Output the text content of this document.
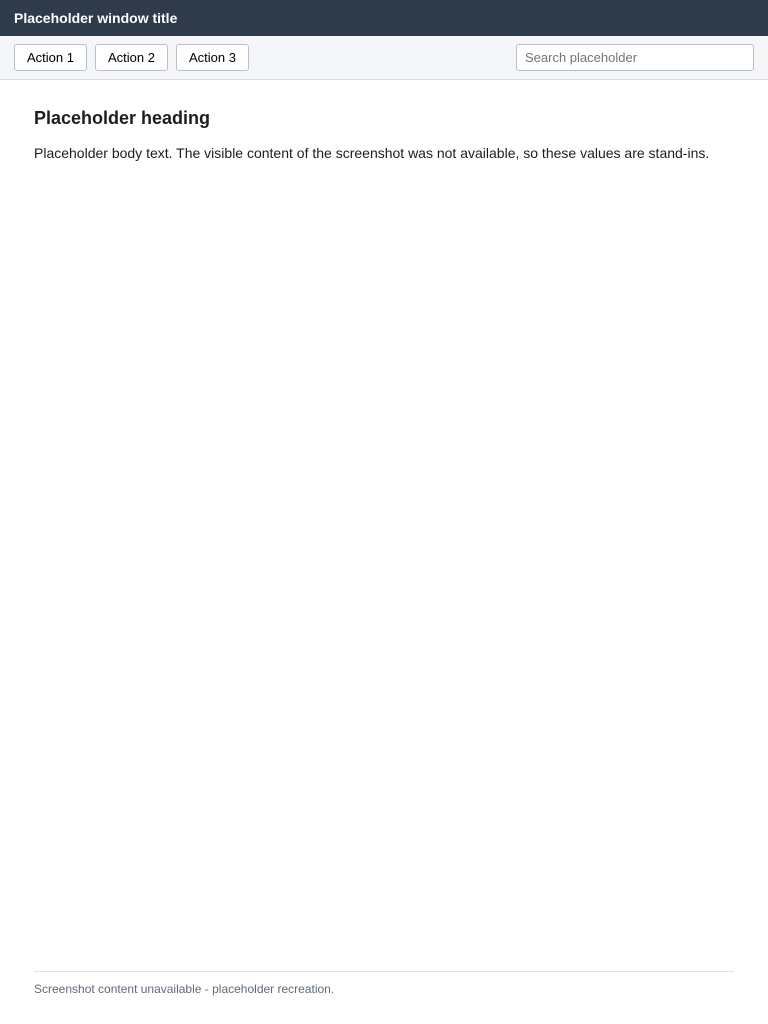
Placeholder window title
Action 1	Action 2	Action 3
Search placeholder
Placeholder heading

Placeholder body text. The visible content of the screenshot was not available, so these values are stand-ins.

Screenshot content unavailable - placeholder recreation.
